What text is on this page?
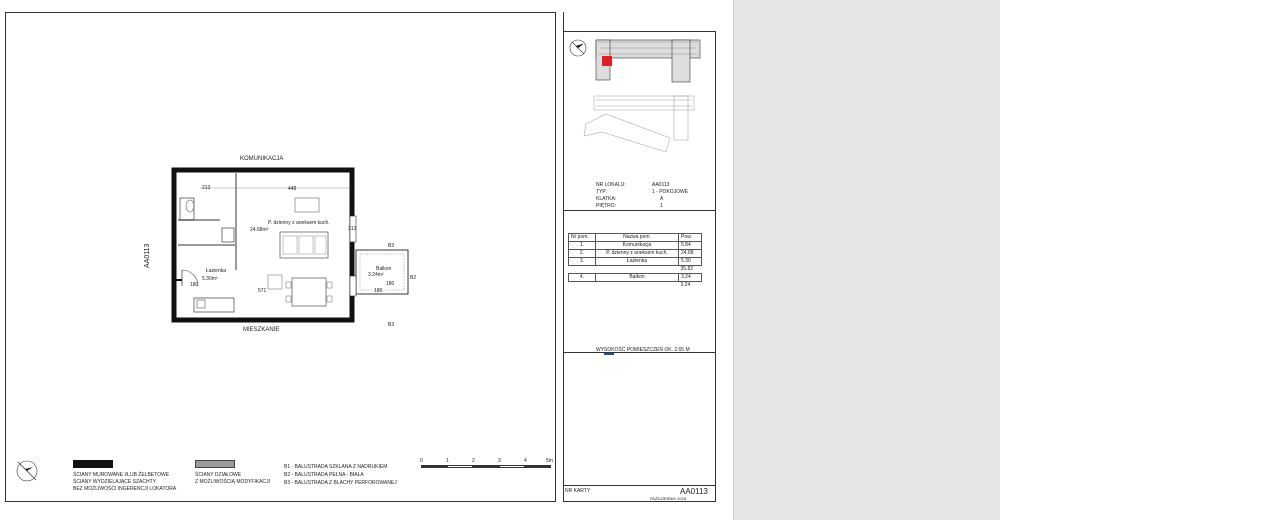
KOMUNIKACJA
MIESZKANIE
AA0113
P. dzienny z aneksem kuch.
24.68m²
Łazienka
5.30m²
Balkon
3.24m²
B3
B2
B3
213	448
571
313
180
180
180
ŚCIANY MUROWANE I/LUB ŻELBETOWE
ŚCIANY WYDZIELAJĄCE SZACHTY
BEZ MOŻLIWOŚCI INGERENCJI LOKATORA
ŚCIANY DZIAŁOWE
Z MOŻLIWOŚCIĄ MODYFIKACJI
B1 - BALUSTRADA SZKLANA Z NADRUKIEM
B2 - BALUSTRADA PEŁNA - BIAŁA
B3 - BALUSTRADA Z BLACHY PERFOROWANEJ
0	1	2	3	4	5m
NR LOKALU:	AA0113
TYP:	1 - POKOJOWE
KLATKA:	A
PIĘTRO:	1
Nr pom.	Nazwa pom.	Pow.
1.	Komunikacja	5.84
2.	P. dzienny z aneksem kuch.	24.68
3.	Łazienka	5.30
		35.82
4.	Balkon	3.24
		3.24
WYSOKOŚĆ POMIESZCZEŃ OK. 2.65 M
NR KARTY	AA0113
PAŹDZIERNIK 2018
